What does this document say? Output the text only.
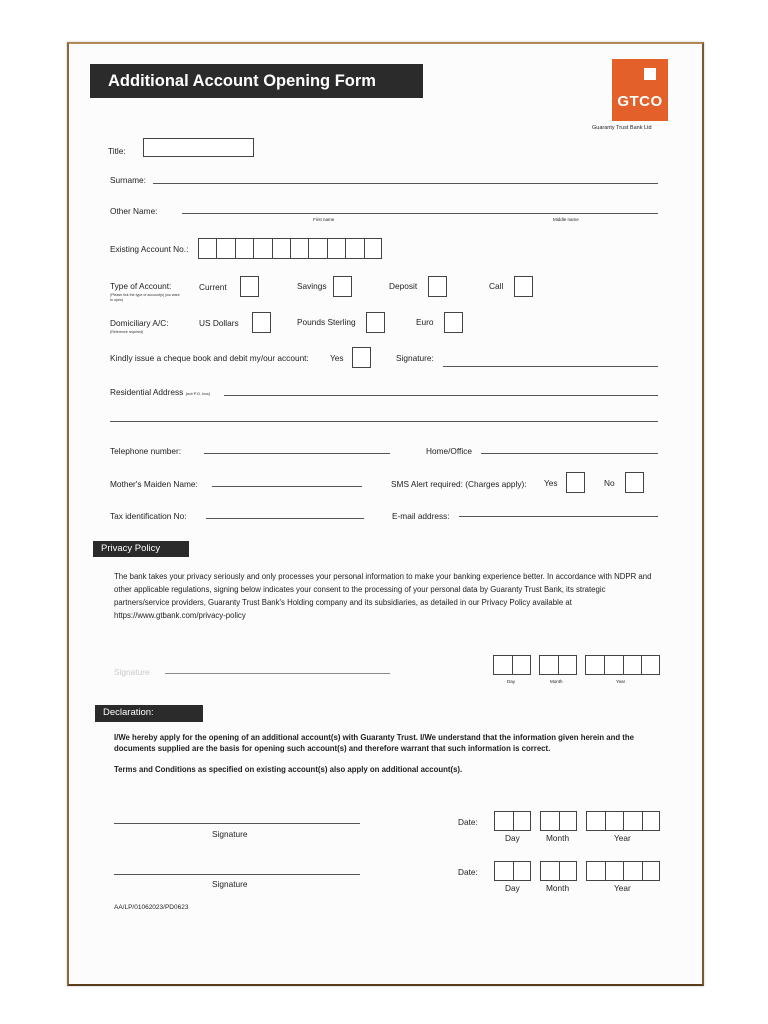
Additional Account Opening Form
GTCO
Guaranty Trust Bank Ltd
Title:
Surname:
Other Name:
First name	Middle name
Existing Account No.:
Type of Account:
(Please tick the type of account(s) you want to open)
Current	Savings	Deposit	Call
Domiciliary A/C:
(Reference required)
US Dollars	Pounds Sterling	Euro
Kindly issue a cheque book and debit my/our account:	Yes	Signature:
Residential Address (not P.O. box)
Telephone number:	Home/Office
Mother's Maiden Name:	SMS Alert required: (Charges apply): Yes	No
Tax identification No:	E-mail address:
Privacy Policy
The bank takes your privacy seriously and only processes your personal information to make your banking experience better. In accordance with NDPR and other applicable regulations, signing below indicates your consent to the processing of your personal data by Guaranty Trust Bank, its strategic partners/service providers, Guaranty Trust Bank's Holding company and its subsidiaries, as detailed in our Privacy Policy available at https://www.gtbank.com/privacy-policy
Signature
Day	Month	Year
Declaration:
I/We hereby apply for the opening of an additional account(s) with Guaranty Trust. I/We understand that the information given herein and the documents supplied are the basis for opening such account(s) and therefore warrant that such information is correct.
Terms and Conditions as specified on existing account(s) also apply on additional account(s).
Signature
Date:
Day	Month	Year
Signature
Date:
Day	Month	Year
AA/LP/01062023/PD0623
